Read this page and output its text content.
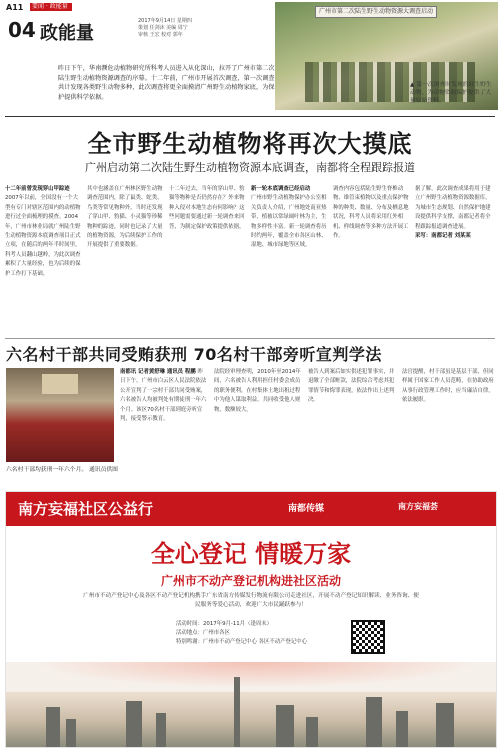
A11	要闻 · 政能量
04 政能量
2017年9月14日 星期四
策划 任剑沐 美编 周宁
审核 王宏 校对 郭年
广州市第二次陆生野生动物资源大调查启动
昨日下午，华南濒危动植物研究所科考人员进入从化深山，拉开了广州市第二次陆生野生动植物资源调查的序幕。十二年前，广州市开展首次调查，第一次调查共计发现各类野生动物多种，此次调查将更全面摸清广州野生动植物家底，为保护提供科学依据。
▲ 第一次调查时发现的陆生野生动物，为动物资源保护提供了大量原始资料。
全市野生动植物将再次大摸底
广州启动第二次陆生野生动植物资源本底调查，南都将全程跟踪报道
十二年前曾发现穿山甲踪迹
2007年以前，全国没有一个大型有专门对辖区范围内的动植物进行过全面梳理的摸查。2004年，广州市林业局就广州陆生野生动植物资源本底调查项目正式立项，在随后的两年半时间里，科考人员翻山越岭，为此次调查累积了大量经验，也为后续的保护工作打下基础。
其中也涵盖在广州林区野生动物调查范围内，除了鼠类、蛇类、鸟类等常见物种外，当时还发现了穿山甲、豹猫、小灵猫等珍稀物种的踪迹，同时也记录了大量的植物资源，为后续保护工作的开展提供了重要数据。
十二年过去，当年的穿山甲、豹猫等物种是否仍然存在？外来物种入侵对本地生态有何影响？这些问题需要通过新一轮调查来回答，为制定保护政策提供依据。
新一轮本底调查已经启动
广州市野生动植物保护办公室相关负责人介绍，广州地处南亚热带，植被以常绿阔叶林为主，生物多样性丰富。新一轮调查将历时约两年，覆盖全市各区山林、湿地、城市绿地等区域。
调查内容包括陆生野生脊椎动物、维管束植物以及重点保护物种的种类、数量、分布及栖息地状况，科考人员将采用红外相机、样线调查等多种方法开展工作。
据了解，此次调查成果将用于建立广州野生动植物资源数据库，为城市生态规划、自然保护地建设提供科学支撑，南都记者将全程跟踪报道调查进展。
采写：南都记者 刘某某
六名村干部共同受贿获刑 70名村干部旁听宣判学法
六名村干部均获刑一年六个月。 通讯员供图
南都讯 记者黄舒琳 通讯员 程鹏 昨日下午，广州市白云区人民法院依法公开宣判了一宗村干部共同受贿案，六名被告人均被判处有期徒刑一年六个月。该区70名村干部到庭旁听宣判，接受警示教育。
法院经审理查明，2010年至2014年间，六名被告人利用担任村委会成员的职务便利，在村集体土地出租过程中为他人谋取利益，共同收受他人财物，数额较大。
被告人到案后如实供述犯罪事实，并退缴了全部赃款，法院综合考虑其犯罪情节和悔罪表现，依法作出上述判决。
法官提醒，村干部虽是基层干部，但同样属于国家工作人员范畴，在协助政府从事行政管理工作时，应当廉洁自律，依法履职。
南方妄福社区公益行	南都传媒	南方妄福荟
全心登记 情暖万家
广州市不动产登记机构进社区活动
广州市不动产登记中心及各区不动产登记机构携手广东省南方传媒发行物流有限公司走进社区，开展不动产登记知识解读、业务咨询、便民服务等爱心活动，欢迎广大市民踊跃参与！
活动时间：2017年9月-11月（逢周末）
活动地点：广州市各区
特别鸣谢：广州市不动产登记中心 各区不动产登记中心
